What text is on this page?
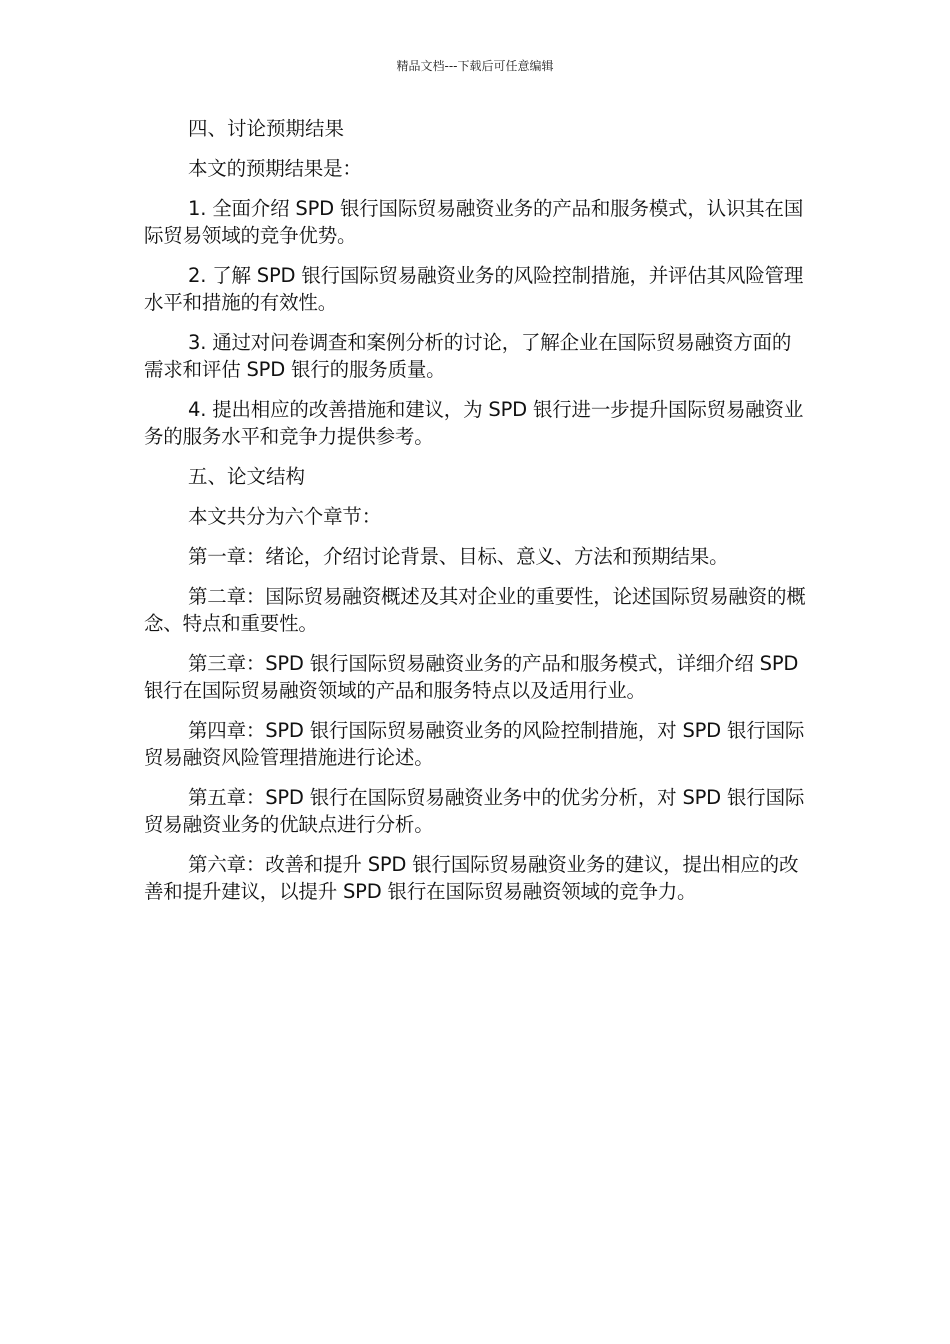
精品文档---下载后可任意编辑

四、讨论预期结果

本文的预期结果是：

1. 全面介绍 SPD 银行国际贸易融资业务的产品和服务模式，认识其在国际贸易领域的竞争优势。

2. 了解 SPD 银行国际贸易融资业务的风险控制措施，并评估其风险管理水平和措施的有效性。

3. 通过对问卷调查和案例分析的讨论，了解企业在国际贸易融资方面的需求和评估 SPD 银行的服务质量。

4. 提出相应的改善措施和建议，为 SPD 银行进一步提升国际贸易融资业务的服务水平和竞争力提供参考。

五、论文结构

本文共分为六个章节：

第一章：绪论，介绍讨论背景、目标、意义、方法和预期结果。

第二章：国际贸易融资概述及其对企业的重要性，论述国际贸易融资的概念、特点和重要性。

第三章：SPD 银行国际贸易融资业务的产品和服务模式，详细介绍 SPD 银行在国际贸易融资领域的产品和服务特点以及适用行业。

第四章：SPD 银行国际贸易融资业务的风险控制措施，对 SPD 银行国际贸易融资风险管理措施进行论述。

第五章：SPD 银行在国际贸易融资业务中的优劣分析，对 SPD 银行国际贸易融资业务的优缺点进行分析。

第六章：改善和提升 SPD 银行国际贸易融资业务的建议，提出相应的改善和提升建议，以提升 SPD 银行在国际贸易融资领域的竞争力。
